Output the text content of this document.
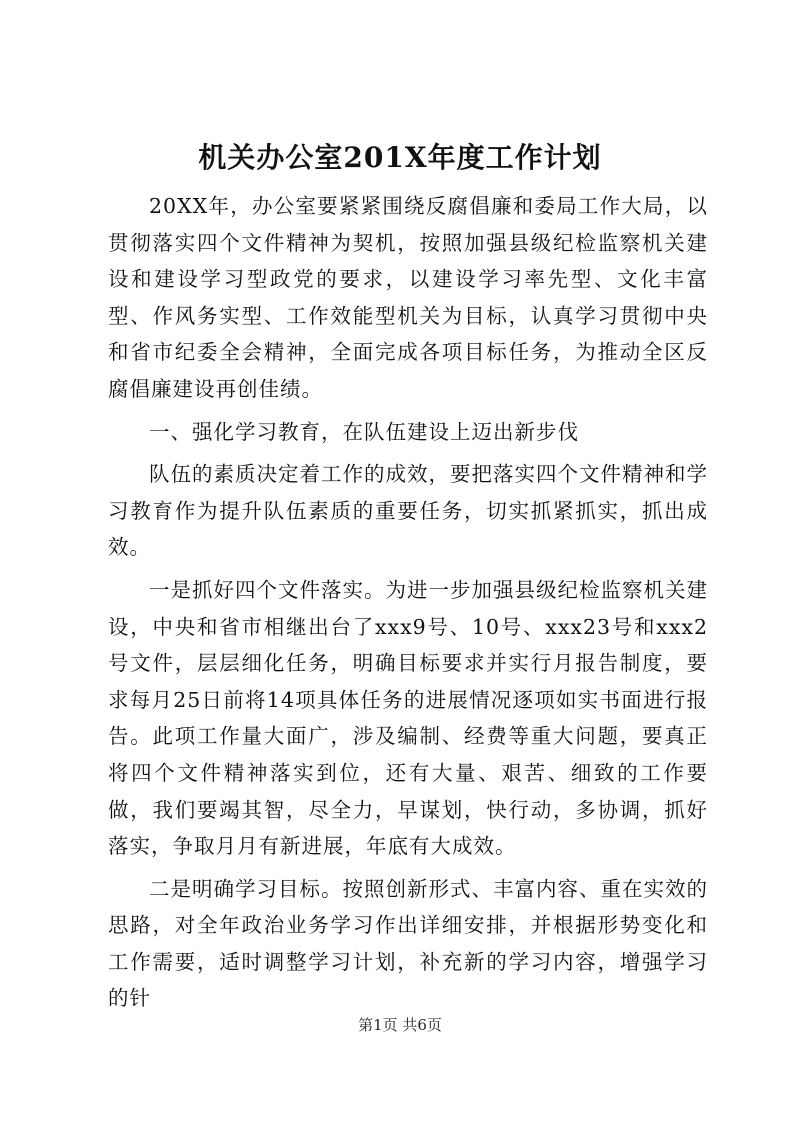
机关办公室201X年度工作计划

20XX年，办公室要紧紧围绕反腐倡廉和委局工作大局，以贯彻落实四个文件精神为契机，按照加强县级纪检监察机关建设和建设学习型政党的要求，以建设学习率先型、文化丰富型、作风务实型、工作效能型机关为目标，认真学习贯彻中央和省市纪委全会精神，全面完成各项目标任务，为推动全区反腐倡廉建设再创佳绩。

一、强化学习教育，在队伍建设上迈出新步伐

队伍的素质决定着工作的成效，要把落实四个文件精神和学习教育作为提升队伍素质的重要任务，切实抓紧抓实，抓出成效。

一是抓好四个文件落实。为进一步加强县级纪检监察机关建设，中央和省市相继出台了xxx9号、10号、xxx23号和xxx2号文件，层层细化任务，明确目标要求并实行月报告制度，要求每月25日前将14项具体任务的进展情况逐项如实书面进行报告。此项工作量大面广，涉及编制、经费等重大问题，要真正将四个文件精神落实到位，还有大量、艰苦、细致的工作要做，我们要竭其智，尽全力，早谋划，快行动，多协调，抓好落实，争取月月有新进展，年底有大成效。

二是明确学习目标。按照创新形式、丰富内容、重在实效的思路，对全年政治业务学习作出详细安排，并根据形势变化和工作需要，适时调整学习计划，补充新的学习内容，增强学习的针

第1页 共6页
